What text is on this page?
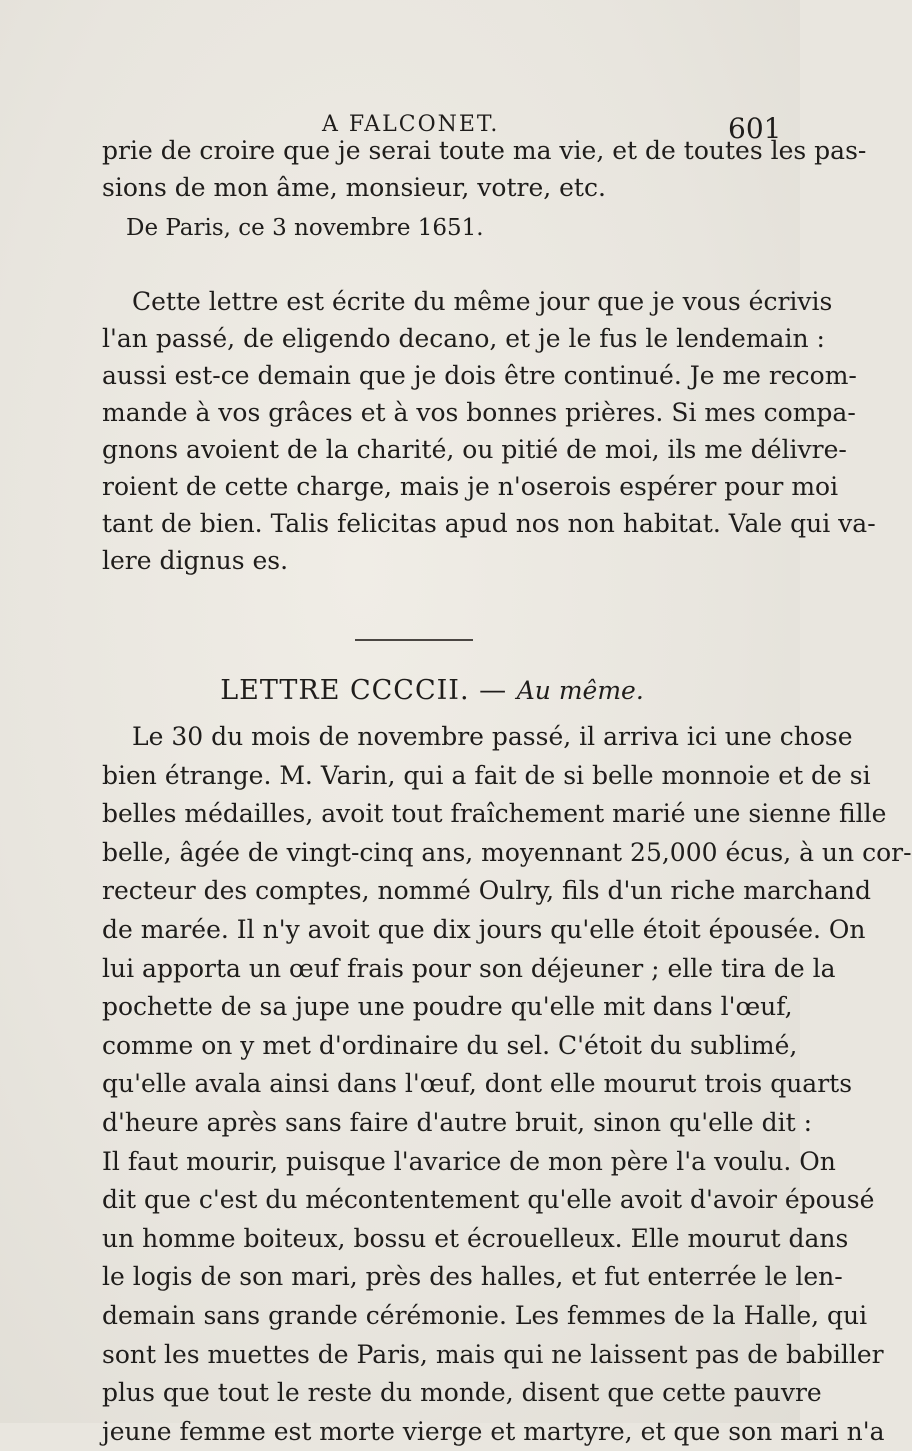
A FALCONET.	601
prie de croire que je serai toute ma vie, et de toutes les pas-
sions de mon âme, monsieur, votre, etc.
De Paris, ce 3 novembre 1651.
Cette lettre est écrite du même jour que je vous écrivis
l'an passé, de eligendo decano, et je le fus le lendemain :
aussi est-ce demain que je dois être continué. Je me recom-
mande à vos grâces et à vos bonnes prières. Si mes compa-
gnons avoient de la charité, ou pitié de moi, ils me délivre-
roient de cette charge, mais je n'oserois espérer pour moi
tant de bien. Talis felicitas apud nos non habitat. Vale qui va-
lere dignus es.
LETTRE CCCCII. — Au même.
Le 30 du mois de novembre passé, il arriva ici une chose
bien étrange. M. Varin, qui a fait de si belle monnoie et de si
belles médailles, avoit tout fraîchement marié une sienne fille
belle, âgée de vingt-cinq ans, moyennant 25,000 écus, à un cor-
recteur des comptes, nommé Oulry, fils d'un riche marchand
de marée. Il n'y avoit que dix jours qu'elle étoit épousée. On
lui apporta un œuf frais pour son déjeuner ; elle tira de la
pochette de sa jupe une poudre qu'elle mit dans l'œuf,
comme on y met d'ordinaire du sel. C'étoit du sublimé,
qu'elle avala ainsi dans l'œuf, dont elle mourut trois quarts
d'heure après sans faire d'autre bruit, sinon qu'elle dit :
Il faut mourir, puisque l'avarice de mon père l'a voulu. On
dit que c'est du mécontentement qu'elle avoit d'avoir épousé
un homme boiteux, bossu et écrouelleux. Elle mourut dans
le logis de son mari, près des halles, et fut enterrée le len-
demain sans grande cérémonie. Les femmes de la Halle, qui
sont les muettes de Paris, mais qui ne laissent pas de babiller
plus que tout le reste du monde, disent que cette pauvre
jeune femme est morte vierge et martyre, et que son mari n'a
